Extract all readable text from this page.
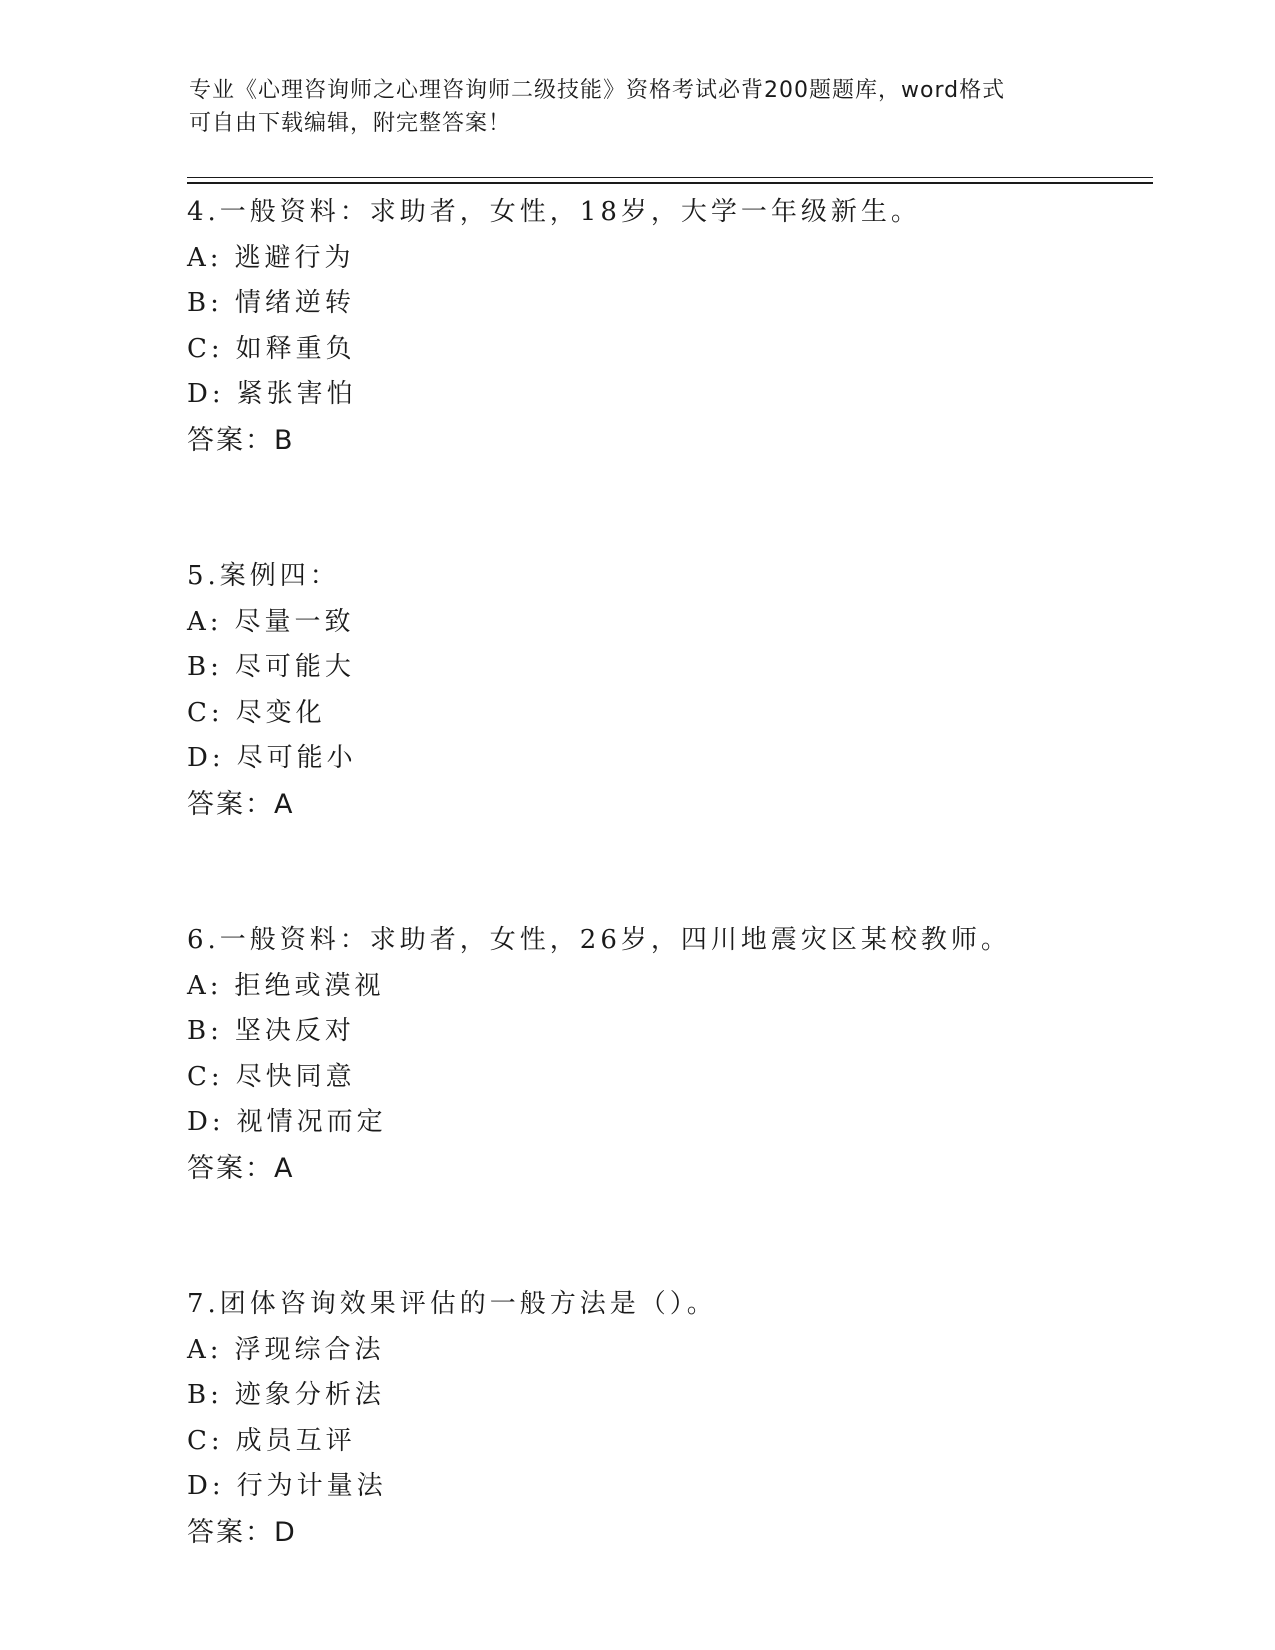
专业《心理咨询师之心理咨询师二级技能》资格考试必背200题题库，word格式
可自由下载编辑，附完整答案！
4.一般资料：求助者，女性，18岁，大学一年级新生。
A: 逃避行为
B: 情绪逆转
C: 如释重负
D: 紧张害怕
答案：B
5.案例四：
A: 尽量一致
B: 尽可能大
C: 尽变化
D: 尽可能小
答案：A
6.一般资料：求助者，女性，26岁，四川地震灾区某校教师。
A: 拒绝或漠视
B: 坚决反对
C: 尽快同意
D: 视情况而定
答案：A
7.团体咨询效果评估的一般方法是（）。
A: 浮现综合法
B: 迹象分析法
C: 成员互评
D: 行为计量法
答案：D
